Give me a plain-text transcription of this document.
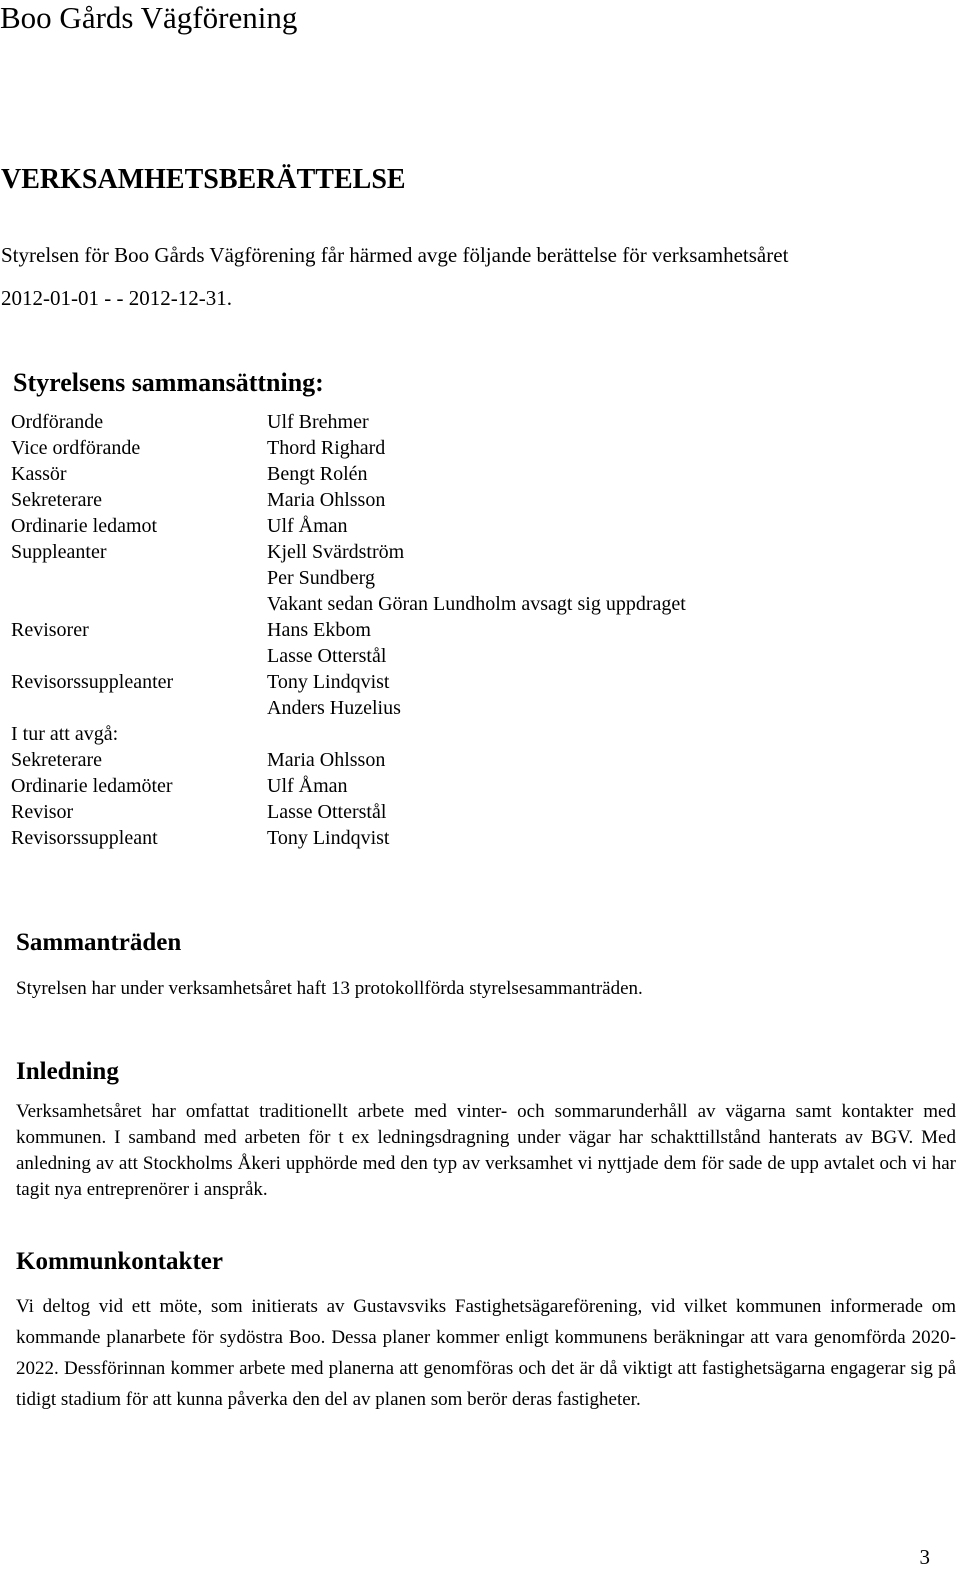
Boo Gårds Vägförening
VERKSAMHETSBERÄTTELSE
Styrelsen för Boo Gårds Vägförening får härmed avge följande berättelse för verksamhetsåret
2012-01-01 - - 2012-12-31.
Styrelsens sammansättning:
Ordförande
Vice ordförande
Kassör
Sekreterare
Ordinarie ledamot
Suppleanter
Revisorer
Revisorssuppleanter
I tur att avgå:
Sekreterare
Ordinarie ledamöter
Revisor
Revisorssuppleant
Ulf Brehmer
Thord Righard
Bengt Rolén
Maria Ohlsson
Ulf Åman
Kjell Svärdström
Per Sundberg
Vakant sedan Göran Lundholm avsagt sig uppdraget
Hans Ekbom
Lasse Otterstål
Tony Lindqvist
Anders Huzelius
Maria Ohlsson
Ulf Åman
Lasse Otterstål
Tony Lindqvist
Sammanträden
Styrelsen har under verksamhetsåret haft 13 protokollförda styrelsesammanträden.
Inledning
Verksamhetsåret har omfattat traditionellt arbete med vinter- och sommarunderhåll av vägarna samt kontakter med kommunen. I samband med arbeten för t ex ledningsdragning under vägar har schakttillstånd hanterats av BGV. Med anledning av att Stockholms Åkeri upphörde med den typ av verksamhet vi nyttjade dem för sade de upp avtalet och vi har tagit nya entreprenörer i anspråk.
Kommunkontakter
Vi deltog vid ett möte, som initierats av Gustavsviks Fastighetsägareförening, vid vilket kommunen informerade om kommande planarbete för sydöstra Boo. Dessa planer kommer enligt kommunens beräkningar att vara genomförda 2020-2022. Dessförinnan kommer arbete med planerna att genomföras och det är då viktigt att fastighetsägarna engagerar sig på tidigt stadium för att kunna påverka den del av planen som berör deras fastigheter.
3
